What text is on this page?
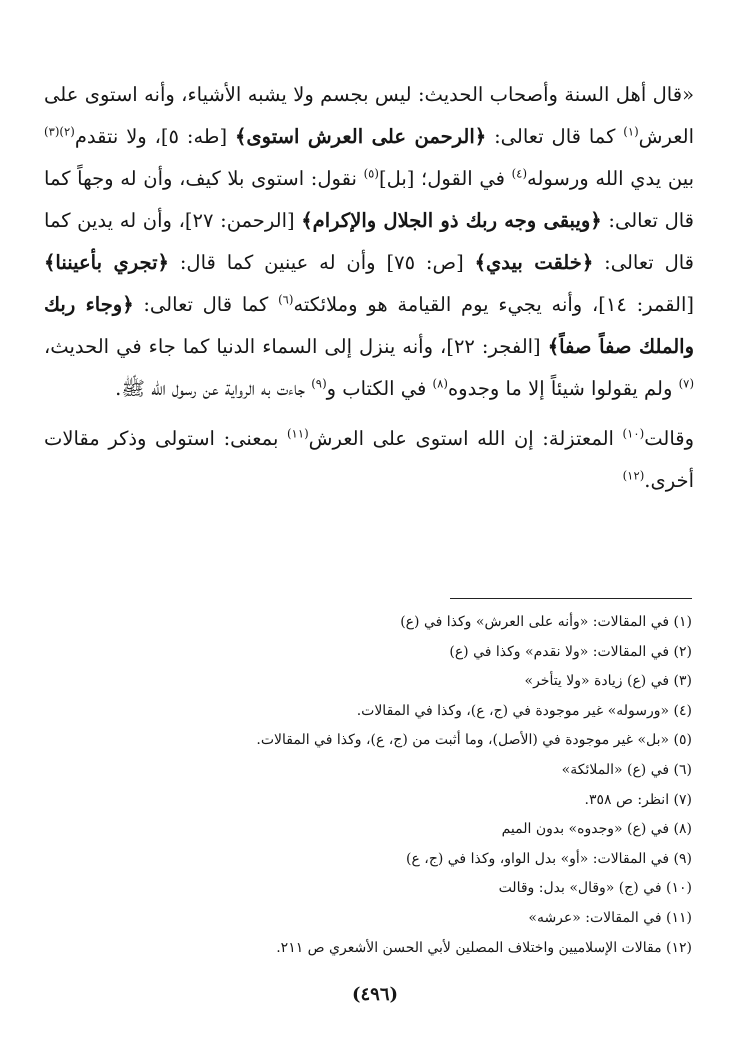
«قال أهل السنة وأصحاب الحديث: ليس بجسم ولا يشبه الأشياء، وأنه استوى على العرش$^{(١)}$ كما قال تعالى: ﴿الرحمن على العرش استوى﴾ [طه: ٥]، ولا نتقدم$^{(٢)(٣)}$ بين يدي الله ورسوله$^{(٤)}$ في القول؛ [بل]$^{(٥)}$ نقول: استوى بلا كيف، وأن له وجهاً كما قال تعالى: ﴿ويبقى وجه ربك ذو الجلال والإكرام﴾ [الرحمن: ٢٧]، وأن له يدين كما قال تعالى: ﴿خلقت بيدي﴾ [ص: ٧٥] وأن له عينين كما قال: ﴿تجري بأعيننا﴾ [القمر: ١٤]، وأنه يجيء يوم القيامة هو وملائكته$^{(٦)}$ كما قال تعالى: ﴿وجاء ربك والملك صفاً صفاً﴾ [الفجر: ٢٢]، وأنه ينزل إلى السماء الدنيا كما جاء في الحديث،$^{(٧)}$ ولم يقولوا شيئاً إلا ما وجدوه$^{(٨)}$ في الكتاب و$^{(٩)}$ جاءت به الرواية عن رسول الله ﷺ.

وقالت$^{(١٠)}$ المعتزلة: إن الله استوى على العرش$^{(١١)}$ بمعنى: استولى وذكر مقالات أخرى.$^{(١٢)}$

(١) في المقالات: «وأنه على العرش» وكذا في (ع)
(٢) في المقالات: «ولا نقدم» وكذا في (ع)
(٣) في (ع) زيادة «ولا يتأخر»
(٤) «ورسوله» غير موجودة في (ج، ع)، وكذا في المقالات.
(٥) «بل» غير موجودة في (الأصل)، وما أثبت من (ج، ع)، وكذا في المقالات.
(٦) في (ع) «الملائكة»
(٧) انظر: ص ٣٥٨.
(٨) في (ع) «وجدوه» بدون الميم
(٩) في المقالات: «أو» بدل الواو، وكذا في (ج، ع)
(١٠) في (ج) «وقال» بدل: وقالت
(١١) في المقالات: «عرشه»
(١٢) مقالات الإسلاميين واختلاف المصلين لأبي الحسن الأشعري ص ٢١١.
(٤٩٦)
